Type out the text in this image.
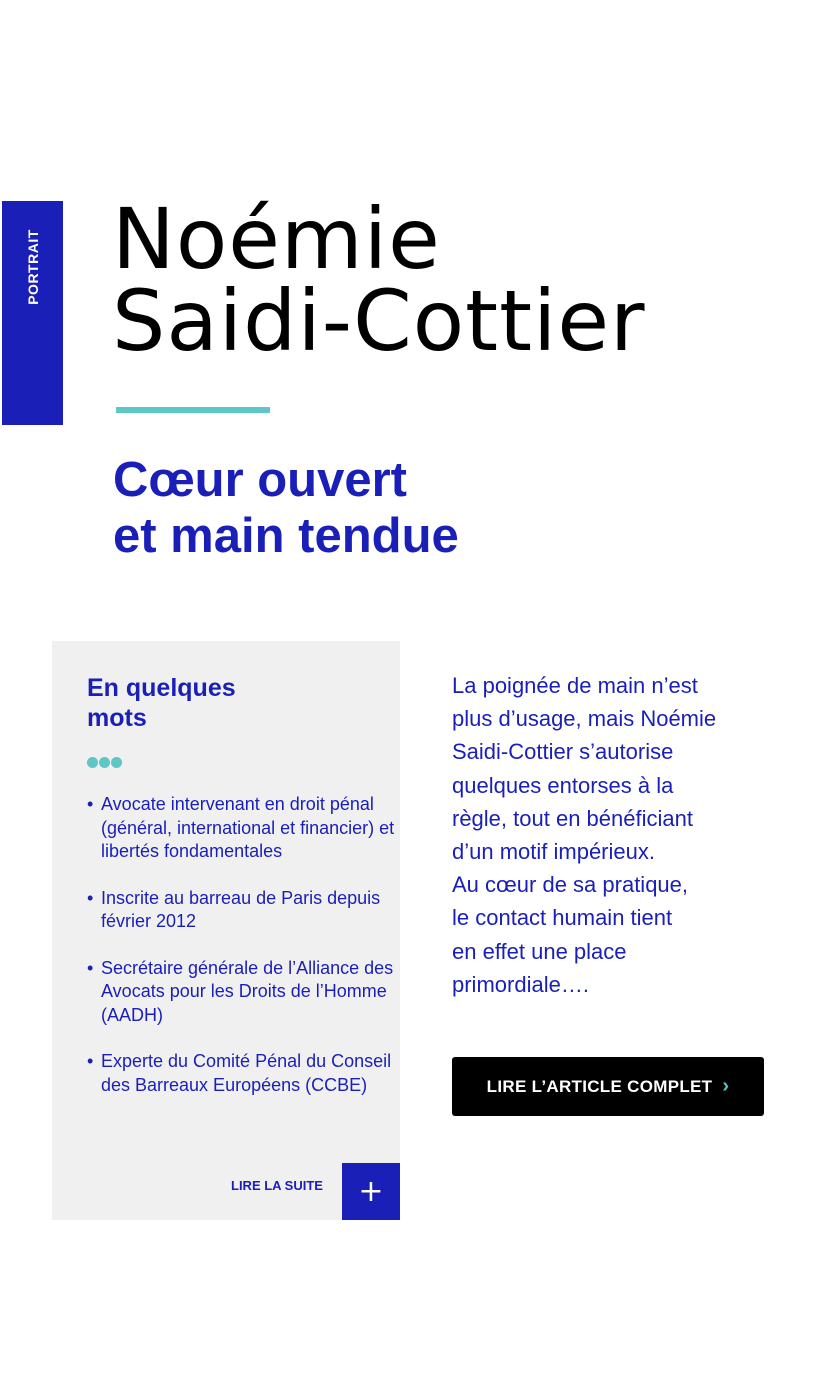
PORTRAIT Noémie
Saidi-Cottier
Cœur ouvert
et main tendue
En quelques
mots
• Avocate intervenant en droit pénal (général, international et financier) et libertés fondamentales
• Inscrite au barreau de Paris depuis février 2012
• Secrétaire générale de l’Alliance des Avocats pour les Droits de l’Homme (AADH)
• Experte du Comité Pénal du Conseil des Barreaux Européens (CCBE)
LIRE LA SUITE	+

La poignée de main n’est
plus d’usage, mais Noémie
Saidi-Cottier s’autorise
quelques entorses à la
règle, tout en bénéficiant
d’un motif impérieux.
Au cœur de sa pratique,
le contact humain tient
en effet une place
primordiale….

LIRE L’ARTICLE COMPLET ›
